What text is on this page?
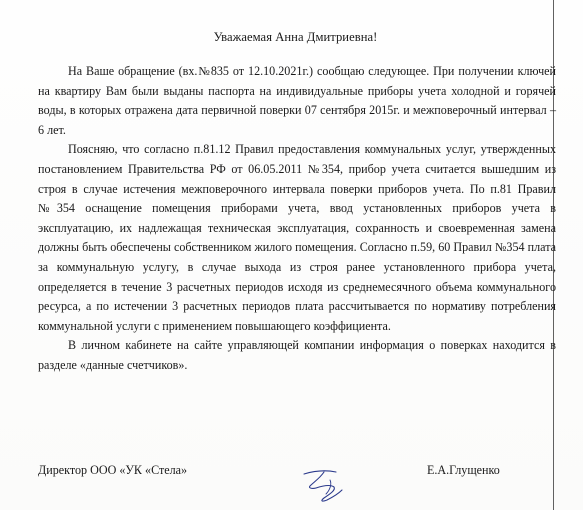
Уважаемая Анна Дмитриевна!

На Ваше обращение (вх.№835 от 12.10.2021г.) сообщаю следующее. При получении ключей на квартиру Вам были выданы паспорта на индивидуальные приборы учета холодной и горячей воды, в которых отражена дата первичной поверки 07 сентября 2015г. и межповерочный интервал – 6 лет.

Поясняю, что согласно п.81.12 Правил предоставления коммунальных услуг, утвержденных постановлением Правительства РФ от 06.05.2011 №354, прибор учета считается вышедшим из строя в случае истечения межповерочного интервала поверки приборов учета. По п.81 Правил №354 оснащение помещения приборами учета, ввод установленных приборов учета в эксплуатацию, их надлежащая техническая эксплуатация, сохранность и своевременная замена должны быть обеспечены собственником жилого помещения. Согласно п.59, 60 Правил №354 плата за коммунальную услугу, в случае выхода из строя ранее установленного прибора учета, определяется в течение 3 расчетных периодов исходя из среднемесячного объема коммунального ресурса, а по истечении 3 расчетных периодов плата рассчитывается по нормативу потребления коммунальной услуги с применением повышающего коэффициента.

В личном кабинете на сайте управляющей компании информация о поверках находится в разделе «данные счетчиков».

Директор ООО «УК «Стела»	Е.А.Глущенко
